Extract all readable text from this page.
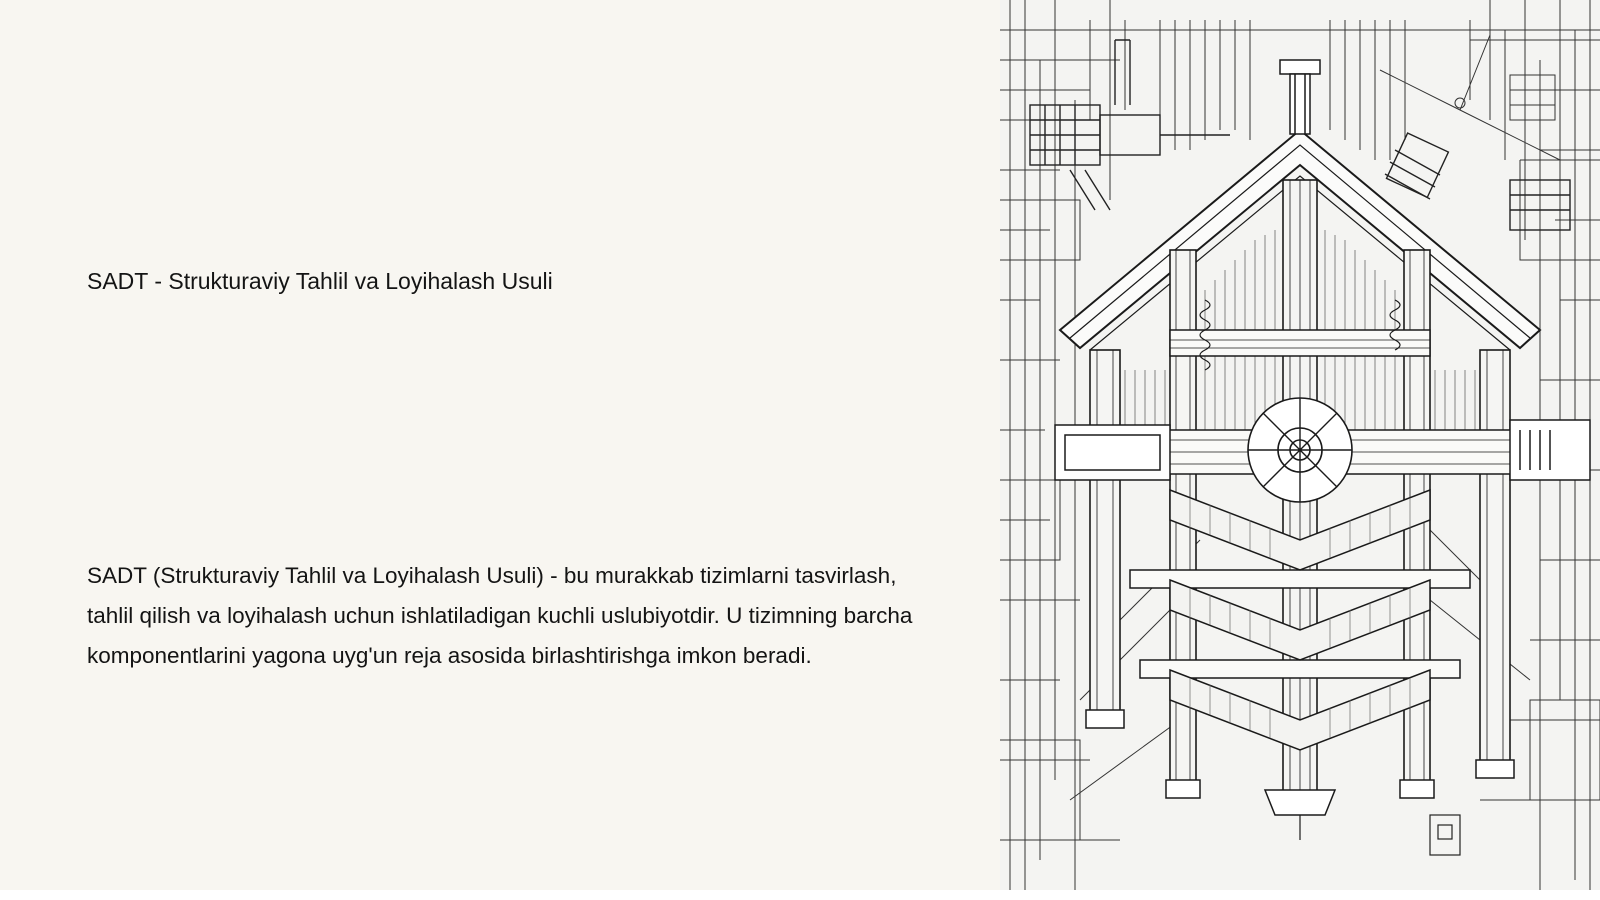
SADT - Strukturaviy Tahlil va Loyihalash Usuli

SADT (Strukturaviy Tahlil va Loyihalash Usuli) - bu murakkab tizimlarni tasvirlash, tahlil qilish va loyihalash uchun ishlatiladigan kuchli uslubiyotdir. U tizimning barcha komponentlarini yagona uyg'un reja asosida birlashtirishga imkon beradi.
